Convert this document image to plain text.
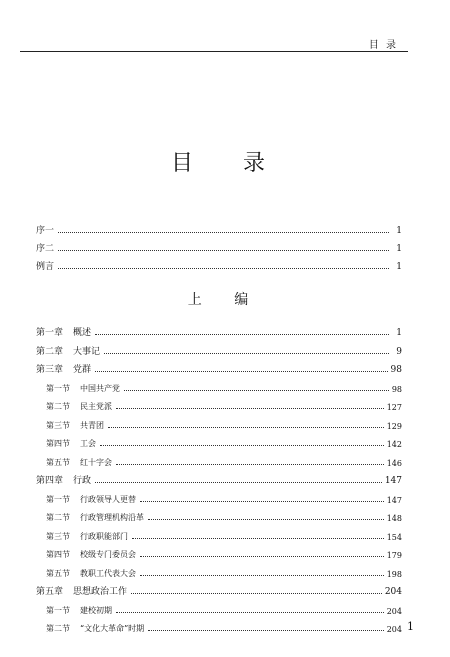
目 录
目　录
序一	1
序二	1
例言	1
上 编
第一章 概述	1
第二章 大事记	9
第三章 党群	98
第一节 中国共产党	98
第二节 民主党派	127
第三节 共青团	129
第四节 工会	142
第五节 红十字会	146
第四章 行政	147
第一节 行政领导人更替	147
第二节 行政管理机构沿革	148
第三节 行政职能部门	154
第四节 校级专门委员会	179
第五节 教职工代表大会	198
第五章 思想政治工作	204
第一节 建校初期	204
第二节 “文化大革命”时期	204 1
